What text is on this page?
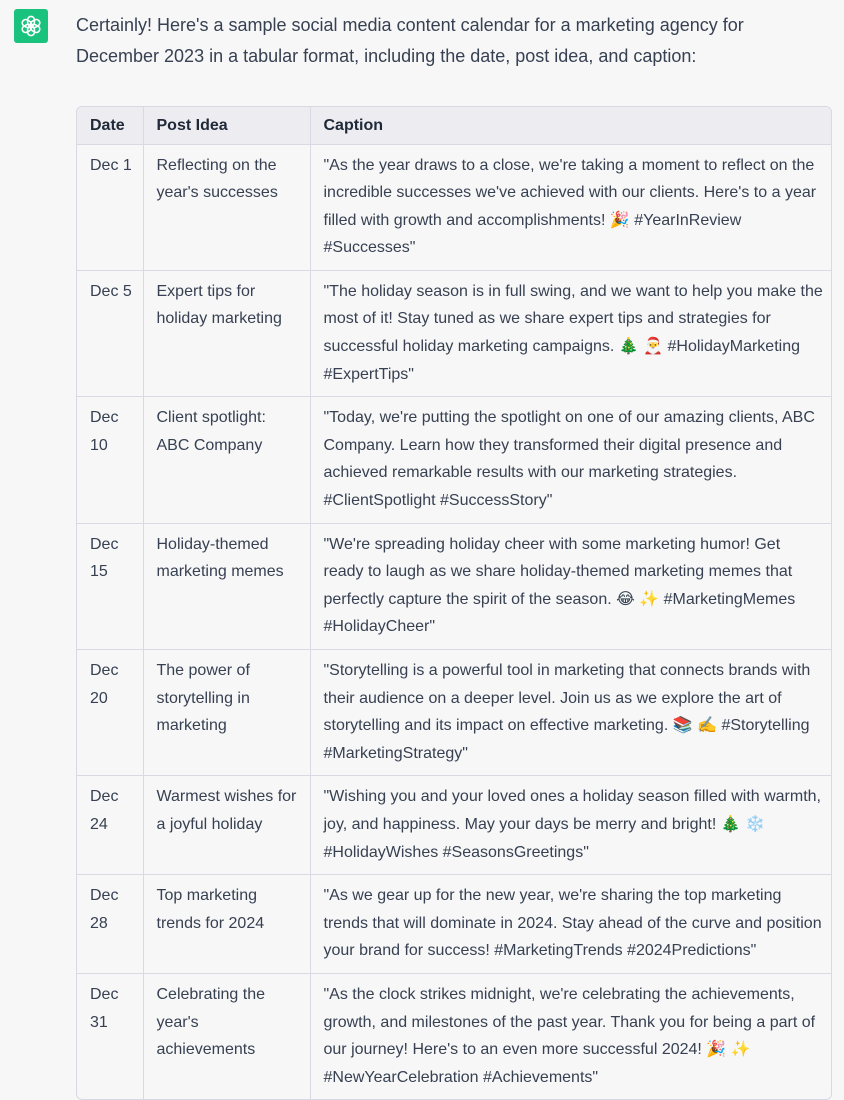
Certainly! Here's a sample social media content calendar for a marketing agency for December 2023 in a tabular format, including the date, post idea, and caption:

Date	Post Idea	Caption
Dec 1	Reflecting on the year's successes	"As the year draws to a close, we're taking a moment to reflect on the incredible successes we've achieved with our clients. Here's to a year filled with growth and accomplishments! 🎉 #YearInReview #Successes"
Dec 5	Expert tips for holiday marketing	"The holiday season is in full swing, and we want to help you make the most of it! Stay tuned as we share expert tips and strategies for successful holiday marketing campaigns. 🎄 🎅 #HolidayMarketing #ExpertTips"
Dec 10	Client spotlight: ABC Company	"Today, we're putting the spotlight on one of our amazing clients, ABC Company. Learn how they transformed their digital presence and achieved remarkable results with our marketing strategies. #ClientSpotlight #SuccessStory"
Dec 15	Holiday-themed marketing memes	"We're spreading holiday cheer with some marketing humor! Get ready to laugh as we share holiday-themed marketing memes that perfectly capture the spirit of the season. 😂 ✨ #MarketingMemes #HolidayCheer"
Dec 20	The power of storytelling in marketing	"Storytelling is a powerful tool in marketing that connects brands with their audience on a deeper level. Join us as we explore the art of storytelling and its impact on effective marketing. 📚 ✍️ #Storytelling #MarketingStrategy"
Dec 24	Warmest wishes for a joyful holiday	"Wishing you and your loved ones a holiday season filled with warmth, joy, and happiness. May your days be merry and bright! 🎄 ❄️ #HolidayWishes #SeasonsGreetings"
Dec 28	Top marketing trends for 2024	"As we gear up for the new year, we're sharing the top marketing trends that will dominate in 2024. Stay ahead of the curve and position your brand for success! #MarketingTrends #2024Predictions"
Dec 31	Celebrating the year's achievements	"As the clock strikes midnight, we're celebrating the achievements, growth, and milestones of the past year. Thank you for being a part of our journey! Here's to an even more successful 2024! 🎉 ✨ #NewYearCelebration #Achievements"
